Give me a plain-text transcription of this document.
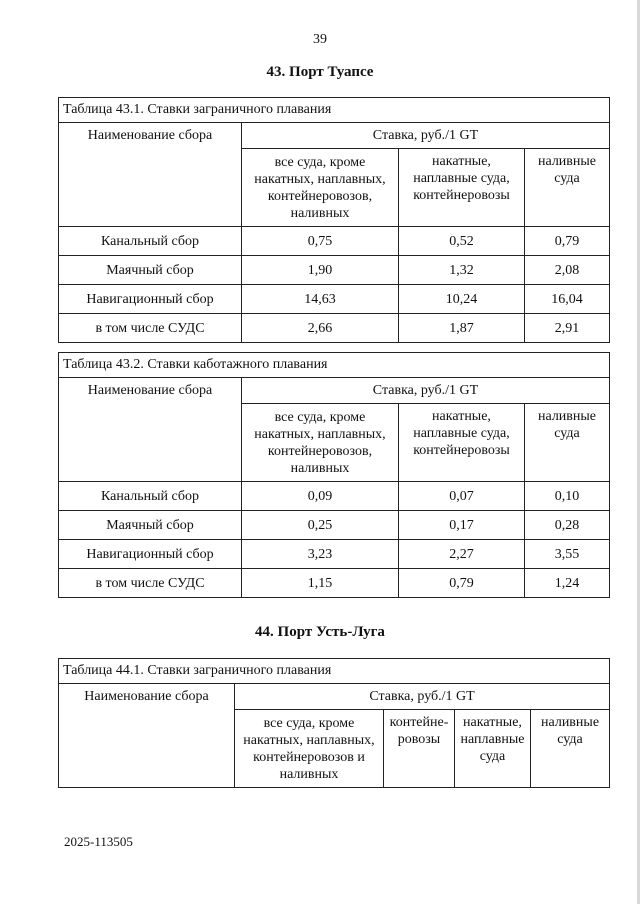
39
43. Порт Туапсе
Таблица 43.1. Ставки заграничного плавания			
Наименование сбора	Ставка, руб./1 GT		
	все суда, кроме накатных, наплавных, контейнеровозов, наливных	накатные, наплавные суда, контейнеровозы	наливные суда
Канальный сбор	0,75	0,52	0,79
Маячный сбор	1,90	1,32	2,08
Навигационный сбор	14,63	10,24	16,04
в том числе СУДС	2,66	1,87	2,91
Таблица 43.2. Ставки каботажного плавания			
Наименование сбора	Ставка, руб./1 GT		
	все суда, кроме накатных, наплавных, контейнеровозов, наливных	накатные, наплавные суда, контейнеровозы	наливные суда
Канальный сбор	0,09	0,07	0,10
Маячный сбор	0,25	0,17	0,28
Навигационный сбор	3,23	2,27	3,55
в том числе СУДС	1,15	0,79	1,24
44. Порт Усть-Луга
Таблица 44.1. Ставки заграничного плавания				
Наименование сбора	Ставка, руб./1 GT			
	все суда, кроме накатных, наплавных, контейнеровозов и наливных	контейне-ровозы	накатные, наплавные суда	наливные суда
2025-113505
